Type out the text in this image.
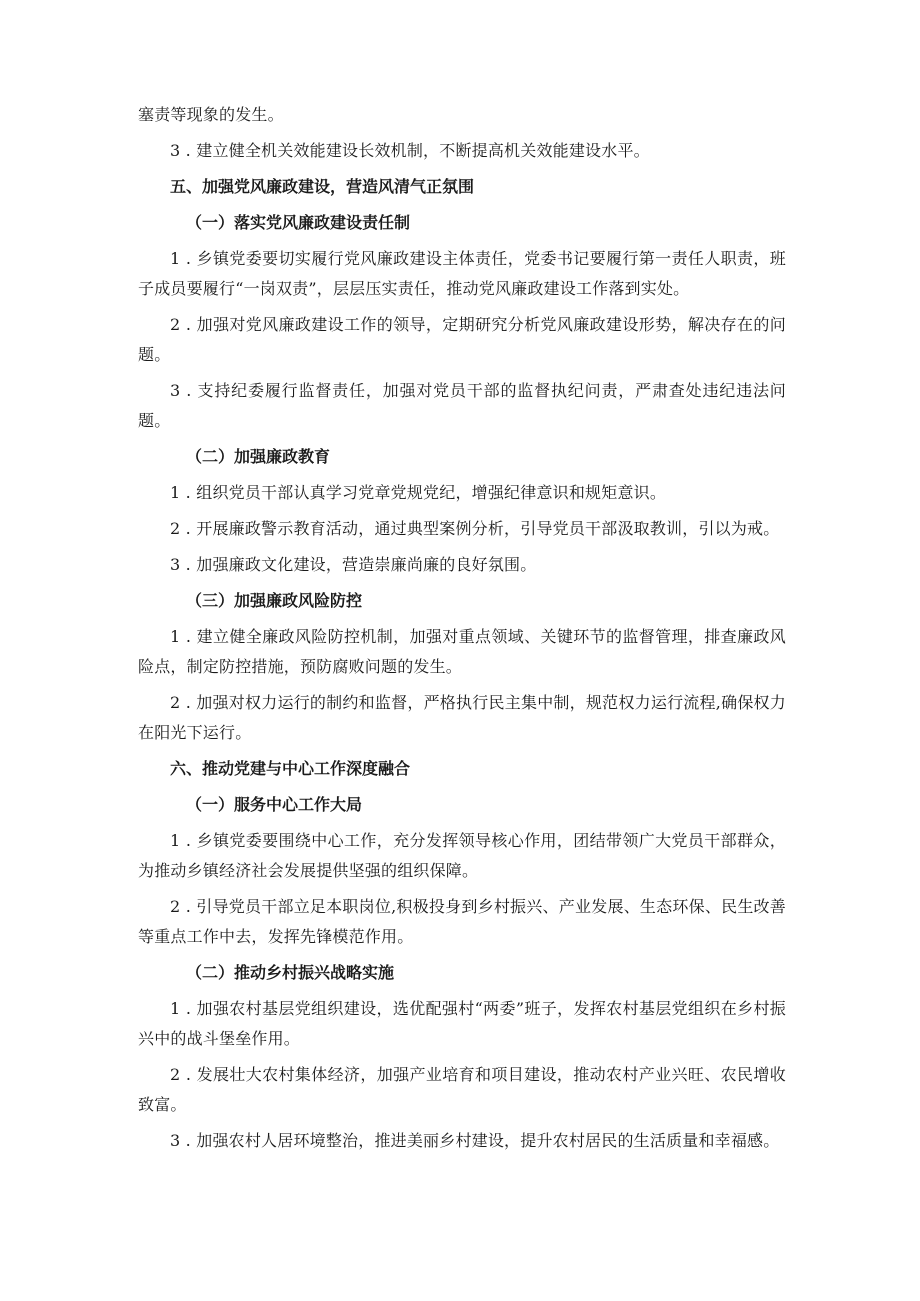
塞责等现象的发生。

3 . 建立健全机关效能建设长效机制，不断提高机关效能建设水平。

五、加强党风廉政建设，营造风清气正氛围

（一）落实党风廉政建设责任制

1 . 乡镇党委要切实履行党风廉政建设主体责任，党委书记要履行第一责任人职责，班子成员要履行“一岗双责”，层层压实责任，推动党风廉政建设工作落到实处。

2 . 加强对党风廉政建设工作的领导，定期研究分析党风廉政建设形势，解决存在的问题。

3 . 支持纪委履行监督责任，加强对党员干部的监督执纪问责，严肃查处违纪违法问题。

（二）加强廉政教育

1 . 组织党员干部认真学习党章党规党纪，增强纪律意识和规矩意识。

2 . 开展廉政警示教育活动，通过典型案例分析，引导党员干部汲取教训，引以为戒。

3 . 加强廉政文化建设，营造崇廉尚廉的良好氛围。

（三）加强廉政风险防控

1 . 建立健全廉政风险防控机制，加强对重点领域、关键环节的监督管理，排查廉政风险点，制定防控措施，预防腐败问题的发生。

2 . 加强对权力运行的制约和监督，严格执行民主集中制，规范权力运行流程,确保权力在阳光下运行。

六、推动党建与中心工作深度融合

（一）服务中心工作大局

1 . 乡镇党委要围绕中心工作，充分发挥领导核心作用，团结带领广大党员干部群众，为推动乡镇经济社会发展提供坚强的组织保障。

2 . 引导党员干部立足本职岗位,积极投身到乡村振兴、产业发展、生态环保、民生改善等重点工作中去，发挥先锋模范作用。

（二）推动乡村振兴战略实施

1 . 加强农村基层党组织建设，选优配强村“两委”班子，发挥农村基层党组织在乡村振兴中的战斗堡垒作用。

2 . 发展壮大农村集体经济，加强产业培育和项目建设，推动农村产业兴旺、农民增收致富。

3 . 加强农村人居环境整治，推进美丽乡村建设，提升农村居民的生活质量和幸福感。
